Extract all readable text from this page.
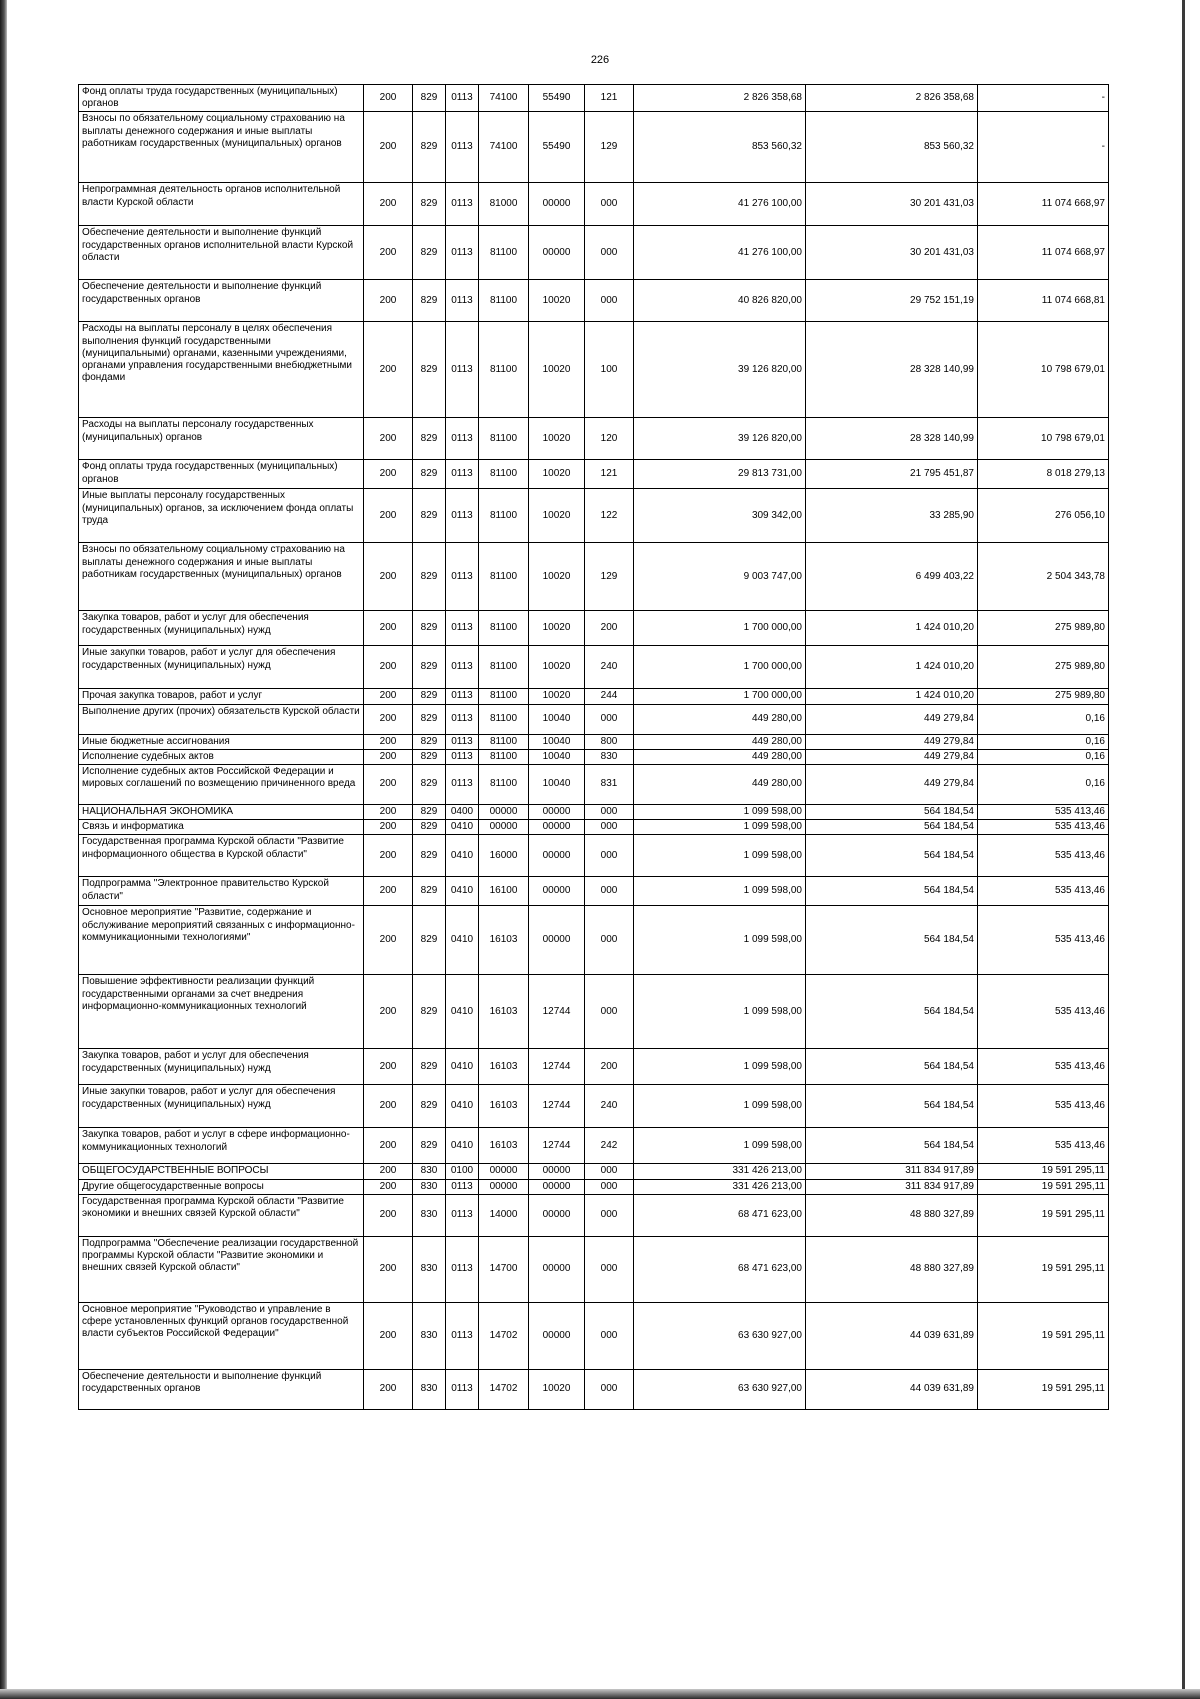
226
Фонд оплаты труда государственных (муниципальных) органов	200	829	0113	74100	55490	121	2 826 358,68	2 826 358,68	-
Взносы по обязательному социальному страхованию на выплаты денежного содержания и иные выплаты работникам государственных (муниципальных) органов	200	829	0113	74100	55490	129	853 560,32	853 560,32	-
Непрограммная деятельность органов исполнительной власти Курской области	200	829	0113	81000	00000	000	41 276 100,00	30 201 431,03	11 074 668,97
Обеспечение деятельности и выполнение функций государственных органов исполнительной власти Курской области	200	829	0113	81100	00000	000	41 276 100,00	30 201 431,03	11 074 668,97
Обеспечение деятельности и выполнение функций государственных органов	200	829	0113	81100	10020	000	40 826 820,00	29 752 151,19	11 074 668,81
Расходы на выплаты персоналу в целях обеспечения выполнения функций государственными (муниципальными) органами, казенными учреждениями, органами управления государственными внебюджетными фондами	200	829	0113	81100	10020	100	39 126 820,00	28 328 140,99	10 798 679,01
Расходы на выплаты персоналу государственных (муниципальных) органов	200	829	0113	81100	10020	120	39 126 820,00	28 328 140,99	10 798 679,01
Фонд оплаты труда государственных (муниципальных) органов	200	829	0113	81100	10020	121	29 813 731,00	21 795 451,87	8 018 279,13
Иные выплаты персоналу государственных (муниципальных) органов, за исключением фонда оплаты труда	200	829	0113	81100	10020	122	309 342,00	33 285,90	276 056,10
Взносы по обязательному социальному страхованию на выплаты денежного содержания и иные выплаты работникам государственных (муниципальных) органов	200	829	0113	81100	10020	129	9 003 747,00	6 499 403,22	2 504 343,78
Закупка товаров, работ и услуг для обеспечения государственных (муниципальных) нужд	200	829	0113	81100	10020	200	1 700 000,00	1 424 010,20	275 989,80
Иные закупки товаров, работ и услуг для обеспечения государственных (муниципальных) нужд	200	829	0113	81100	10020	240	1 700 000,00	1 424 010,20	275 989,80
Прочая закупка товаров, работ и услуг	200	829	0113	81100	10020	244	1 700 000,00	1 424 010,20	275 989,80
Выполнение других (прочих) обязательств Курской области	200	829	0113	81100	10040	000	449 280,00	449 279,84	0,16
Иные бюджетные ассигнования	200	829	0113	81100	10040	800	449 280,00	449 279,84	0,16
Исполнение судебных актов	200	829	0113	81100	10040	830	449 280,00	449 279,84	0,16
Исполнение судебных актов Российской Федерации и мировых соглашений по возмещению причиненного вреда	200	829	0113	81100	10040	831	449 280,00	449 279,84	0,16
НАЦИОНАЛЬНАЯ ЭКОНОМИКА	200	829	0400	00000	00000	000	1 099 598,00	564 184,54	535 413,46
Связь и информатика	200	829	0410	00000	00000	000	1 099 598,00	564 184,54	535 413,46
Государственная программа Курской области "Развитие информационного общества в Курской области"	200	829	0410	16000	00000	000	1 099 598,00	564 184,54	535 413,46
Подпрограмма "Электронное правительство Курской области"	200	829	0410	16100	00000	000	1 099 598,00	564 184,54	535 413,46
Основное мероприятие "Развитие, содержание и обслуживание мероприятий связанных с информационно-коммуникационными технологиями"	200	829	0410	16103	00000	000	1 099 598,00	564 184,54	535 413,46
Повышение эффективности реализации функций государственными органами за счет внедрения информационно-коммуникационных технологий	200	829	0410	16103	12744	000	1 099 598,00	564 184,54	535 413,46
Закупка товаров, работ и услуг для обеспечения государственных (муниципальных) нужд	200	829	0410	16103	12744	200	1 099 598,00	564 184,54	535 413,46
Иные закупки товаров, работ и услуг для обеспечения государственных (муниципальных) нужд	200	829	0410	16103	12744	240	1 099 598,00	564 184,54	535 413,46
Закупка товаров, работ и услуг в сфере информационно-коммуникационных технологий	200	829	0410	16103	12744	242	1 099 598,00	564 184,54	535 413,46
ОБЩЕГОСУДАРСТВЕННЫЕ ВОПРОСЫ	200	830	0100	00000	00000	000	331 426 213,00	311 834 917,89	19 591 295,11
Другие общегосударственные вопросы	200	830	0113	00000	00000	000	331 426 213,00	311 834 917,89	19 591 295,11
Государственная программа Курской области "Развитие экономики и внешних связей Курской области"	200	830	0113	14000	00000	000	68 471 623,00	48 880 327,89	19 591 295,11
Подпрограмма "Обеспечение реализации государственной программы Курской области "Развитие экономики и внешних связей Курской области"	200	830	0113	14700	00000	000	68 471 623,00	48 880 327,89	19 591 295,11
Основное мероприятие "Руководство и управление в сфере установленных функций органов государственной власти субъектов Российской Федерации"	200	830	0113	14702	00000	000	63 630 927,00	44 039 631,89	19 591 295,11
Обеспечение деятельности и выполнение функций государственных органов	200	830	0113	14702	10020	000	63 630 927,00	44 039 631,89	19 591 295,11
